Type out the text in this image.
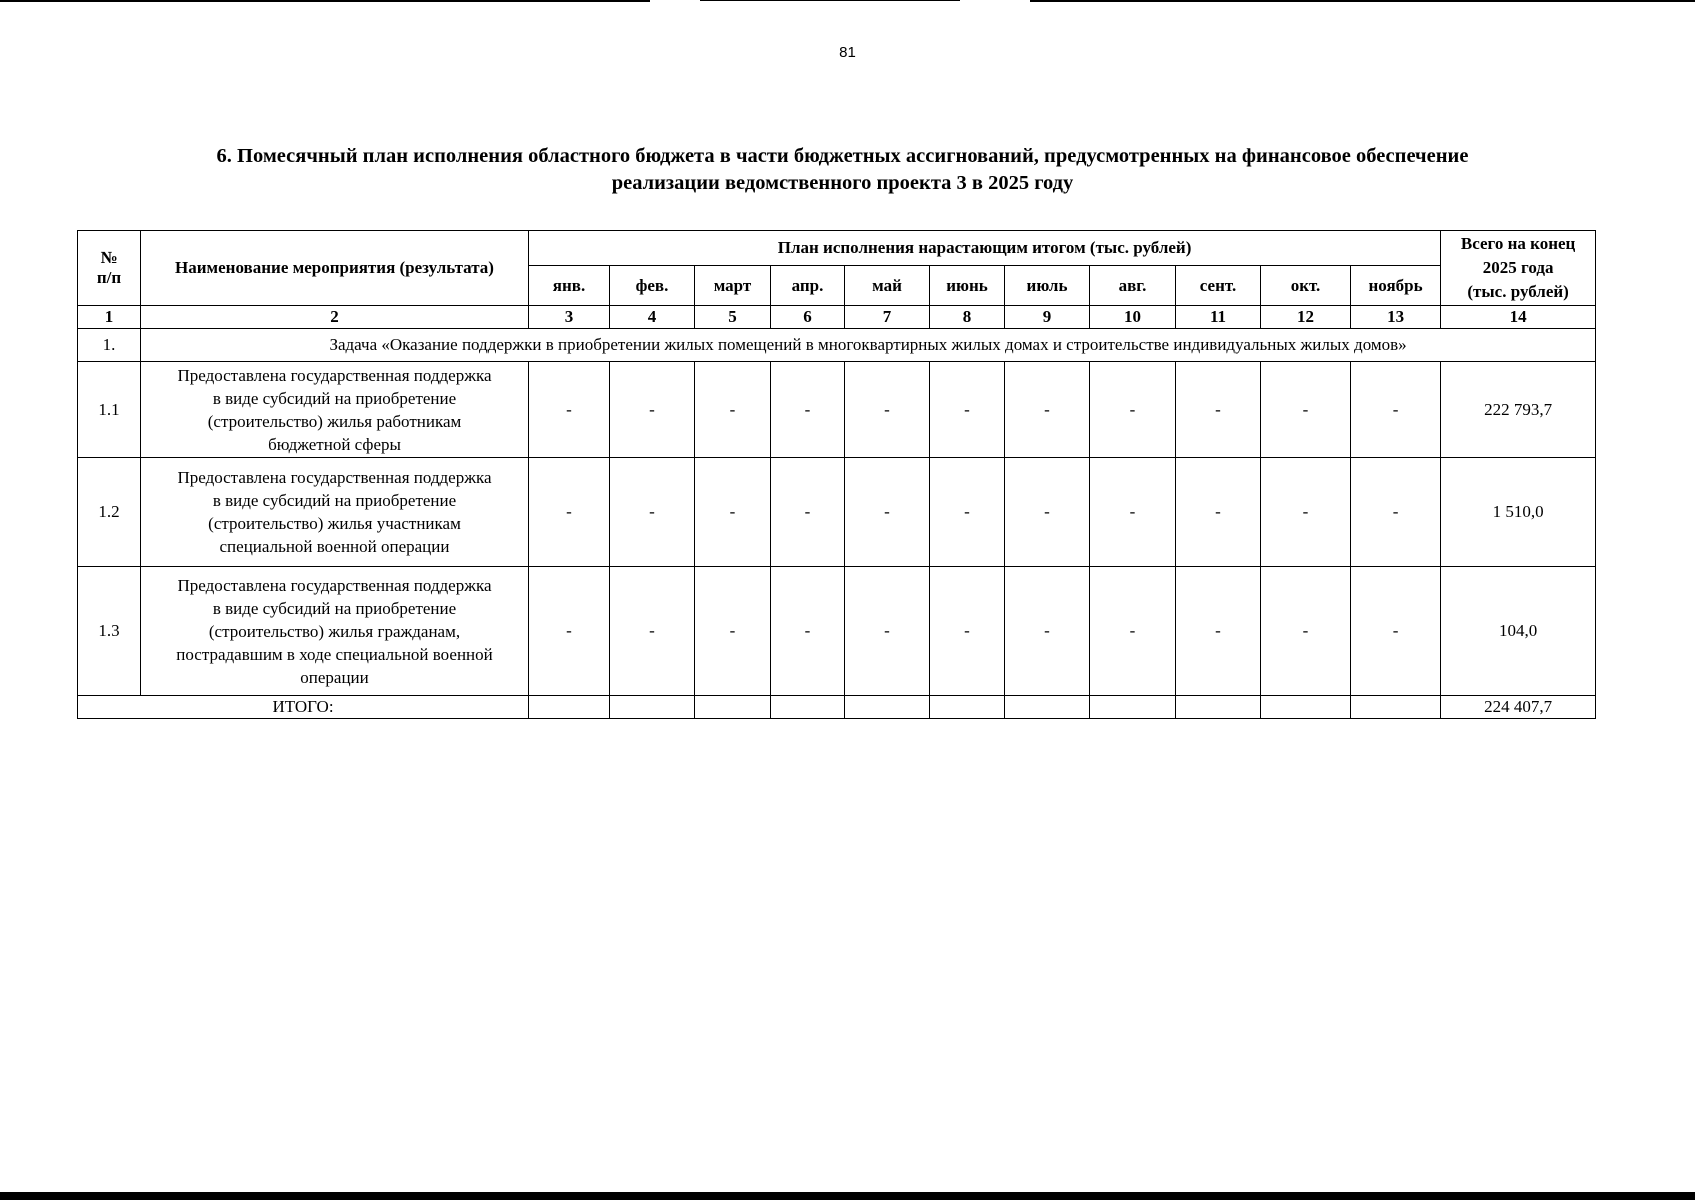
81
6. Помесячный план исполнения областного бюджета в части бюджетных ассигнований, предусмотренных на финансовое обеспечение
реализации ведомственного проекта 3 в 2025 году
№
п/п	Наименование мероприятия (результата)	План исполнения нарастающим итогом (тыс. рублей)											Всего на конец
2025 года
(тыс. рублей)
		янв.	фев.	март	апр.	май	июнь	июль	авг.	сент.	окт.	ноябрь	
1	2	3	4	5	6	7	8	9	10	11	12	13	14
1.	Задача «Оказание поддержки в приобретении жилых помещений в многоквартирных жилых домах и строительстве индивидуальных жилых домов»												
1.1	Предоставлена государственная поддержка
в виде субсидий на приобретение
(строительство) жилья работникам
бюджетной сферы	-	-	-	-	-	-	-	-	-	-	-	222 793,7
1.2	Предоставлена государственная поддержка
в виде субсидий на приобретение
(строительство) жилья участникам
специальной военной операции	-	-	-	-	-	-	-	-	-	-	-	1 510,0
1.3	Предоставлена государственная поддержка
в виде субсидий на приобретение
(строительство) жилья гражданам,
пострадавшим в ходе специальной военной
операции	-	-	-	-	-	-	-	-	-	-	-	104,0
ИТОГО:													224 407,7
